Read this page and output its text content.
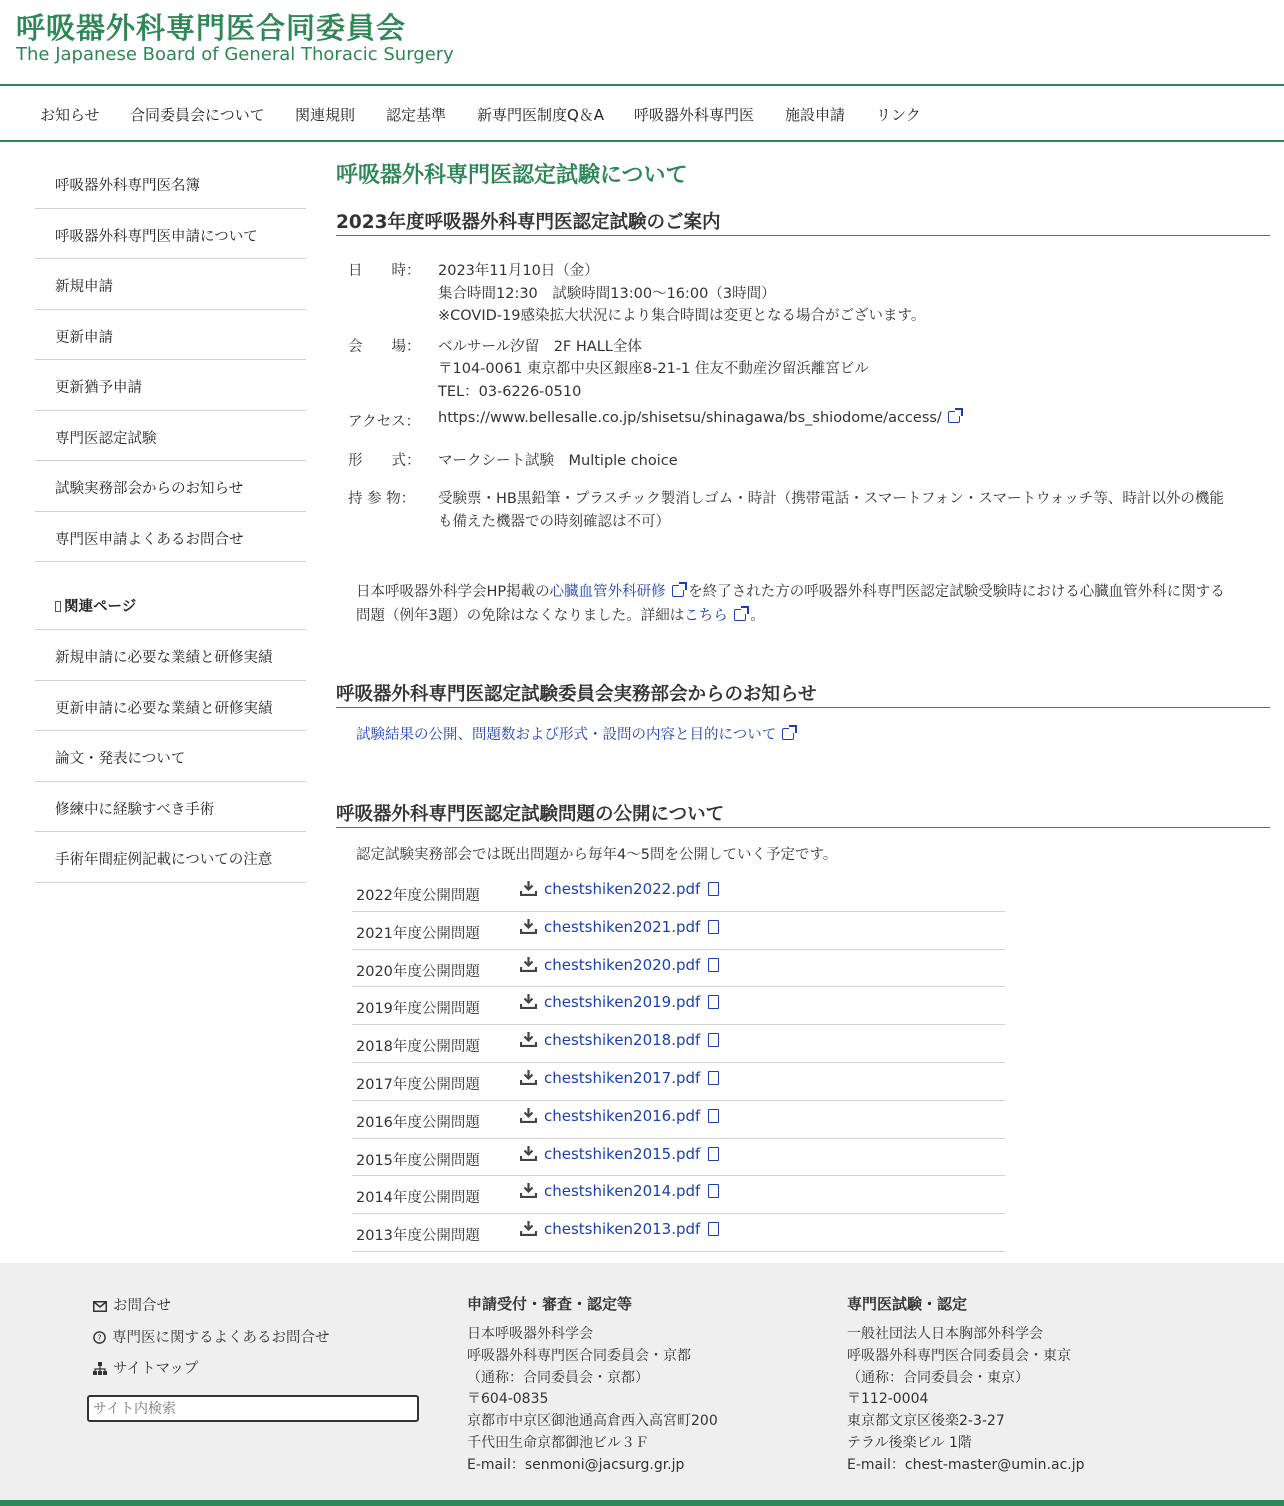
呼吸器外科専門医合同委員会
The Japanese Board of General Thoracic Surgery
お知らせ 合同委員会について 関連規則 認定基準 新専門医制度Q＆A 呼吸器外科専門医 施設申請 リンク
呼吸器外科専門医名簿
呼吸器外科専門医申請について
新規申請
更新申請
更新猶予申請
専門医認定試験
試験実務部会からのお知らせ
専門医申請よくあるお問合せ
関連ページ
新規申請に必要な業績と研修実績
更新申請に必要な業績と研修実績
論文・発表について
修練中に経験すべき手術
手術年間症例記載についての注意
呼吸器外科専門医認定試験について
2023年度呼吸器外科専門医認定試験のご案内
日　　時： 2023年11月10日（金）
集合時間12:30　試験時間13:00～16:00（3時間）
※COVID-19感染拡大状況により集合時間は変更となる場合がございます。
会　　場： ベルサール汐留　2F HALL全体
〒104-0061 東京都中央区銀座8-21-1 住友不動産汐留浜離宮ビル
TEL：03-6226-0510
アクセス： https://www.bellesalle.co.jp/shisetsu/shinagawa/bs_shiodome/access/
形　　式： マークシート試験　Multiple choice
持 参 物： 受験票・HB黒鉛筆・プラスチック製消しゴム・時計（携帯電話・スマートフォン・スマートウォッチ等、時計以外の機能
も備えた機器での時刻確認は不可）
日本呼吸器外科学会HP掲載の心臓血管外科研修 を終了された方の呼吸器外科専門医認定試験受験時における心臓血管外科に関する
問題（例年3題）の免除はなくなりました。詳細はこちら 。
呼吸器外科専門医認定試験委員会実務部会からのお知らせ
試験結果の公開、問題数および形式・設問の内容と目的について
呼吸器外科専門医認定試験問題の公開について
認定試験実務部会では既出問題から毎年4～5問を公開していく予定です。
2022年度公開問題	chestshiken2022.pdf
2021年度公開問題	chestshiken2021.pdf
2020年度公開問題	chestshiken2020.pdf
2019年度公開問題	chestshiken2019.pdf
2018年度公開問題	chestshiken2018.pdf
2017年度公開問題	chestshiken2017.pdf
2016年度公開問題	chestshiken2016.pdf
2015年度公開問題	chestshiken2015.pdf
2014年度公開問題	chestshiken2014.pdf
2013年度公開問題	chestshiken2013.pdf
お問合せ
? 専門医に関するよくあるお問合せ
サイトマップ
サイト内検索
申請受付・審査・認定等
日本呼吸器外科学会
呼吸器外科専門医合同委員会・京都
（通称：合同委員会・京都）
〒604-0835
京都市中京区御池通高倉西入高宮町200
千代田生命京都御池ビル３Ｆ
E-mail：senmoni@jacsurg.gr.jp
専門医試験・認定
一般社団法人日本胸部外科学会
呼吸器外科専門医合同委員会・東京
（通称：合同委員会・東京）
〒112-0004
東京都文京区後楽2-3-27
テラル後楽ビル 1階
E-mail：chest-master@umin.ac.jp
